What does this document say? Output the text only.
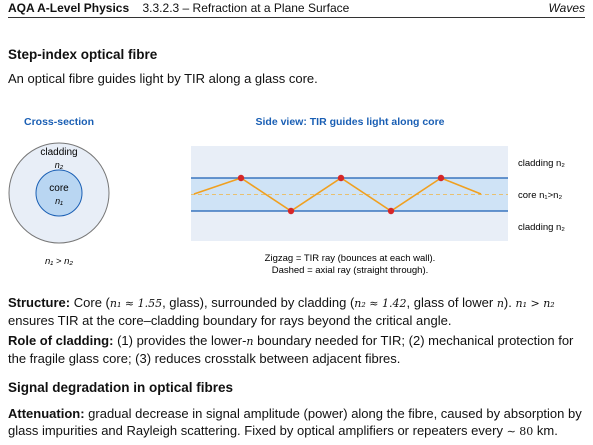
AQA A-Level Physics 3.3.2.3 – Refraction at a Plane Surface	Waves
Step-index optical fibre
An optical fibre guides light by TIR along a glass core.
Cross-section
cladding
n₂
core
n₁
n₁ > n₂
Side view: TIR guides light along core
cladding n₂
core n₁>n₂
cladding n₂
Zigzag = TIR ray (bounces at each wall).
Dashed = axial ray (straight through).
Structure: Core (n₁ ≈ 1.55, glass), surrounded by cladding (n₂ ≈ 1.42, glass of lower n). n₁ > n₂ ensures TIR at the core–cladding boundary for rays beyond the critical angle.
Role of cladding: (1) provides the lower-n boundary needed for TIR; (2) mechanical protection for the fragile glass core; (3) reduces crosstalk between adjacent fibres.
Signal degradation in optical fibres
Attenuation: gradual decrease in signal amplitude (power) along the fibre, caused by absorption by glass impurities and Rayleigh scattering. Fixed by optical amplifiers or repeaters every ∼ 80 km.
